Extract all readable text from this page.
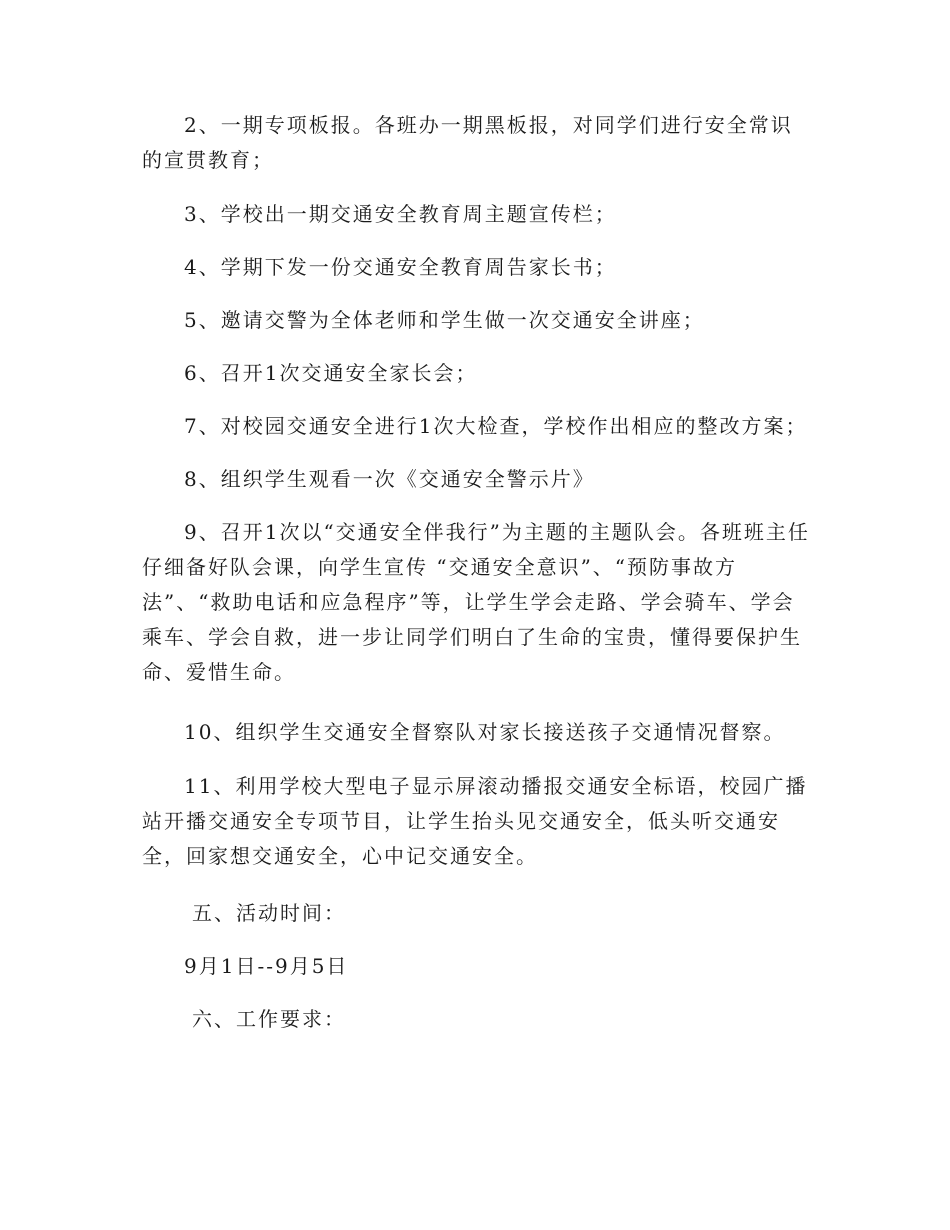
2、一期专项板报。各班办一期黑板报，对同学们进行安全常识的宣贯教育；

3、学校出一期交通安全教育周主题宣传栏；

4、学期下发一份交通安全教育周告家长书；

5、邀请交警为全体老师和学生做一次交通安全讲座；

6、召开1次交通安全家长会；

7、对校园交通安全进行1次大检查，学校作出相应的整改方案；

8、组织学生观看一次《交通安全警示片》

9、召开1次以“交通安全伴我行”为主题的主题队会。各班班主任仔细备好队会课，向学生宣传 “交通安全意识”、“预防事故方法”、“救助电话和应急程序”等，让学生学会走路、学会骑车、学会乘车、学会自救，进一步让同学们明白了生命的宝贵，懂得要保护生命、爱惜生命。

10、组织学生交通安全督察队对家长接送孩子交通情况督察。

11、利用学校大型电子显示屏滚动播报交通安全标语，校园广播站开播交通安全专项节目，让学生抬头见交通安全，低头听交通安全，回家想交通安全，心中记交通安全。

五、活动时间：

9月1日--9月5日

六、工作要求：
